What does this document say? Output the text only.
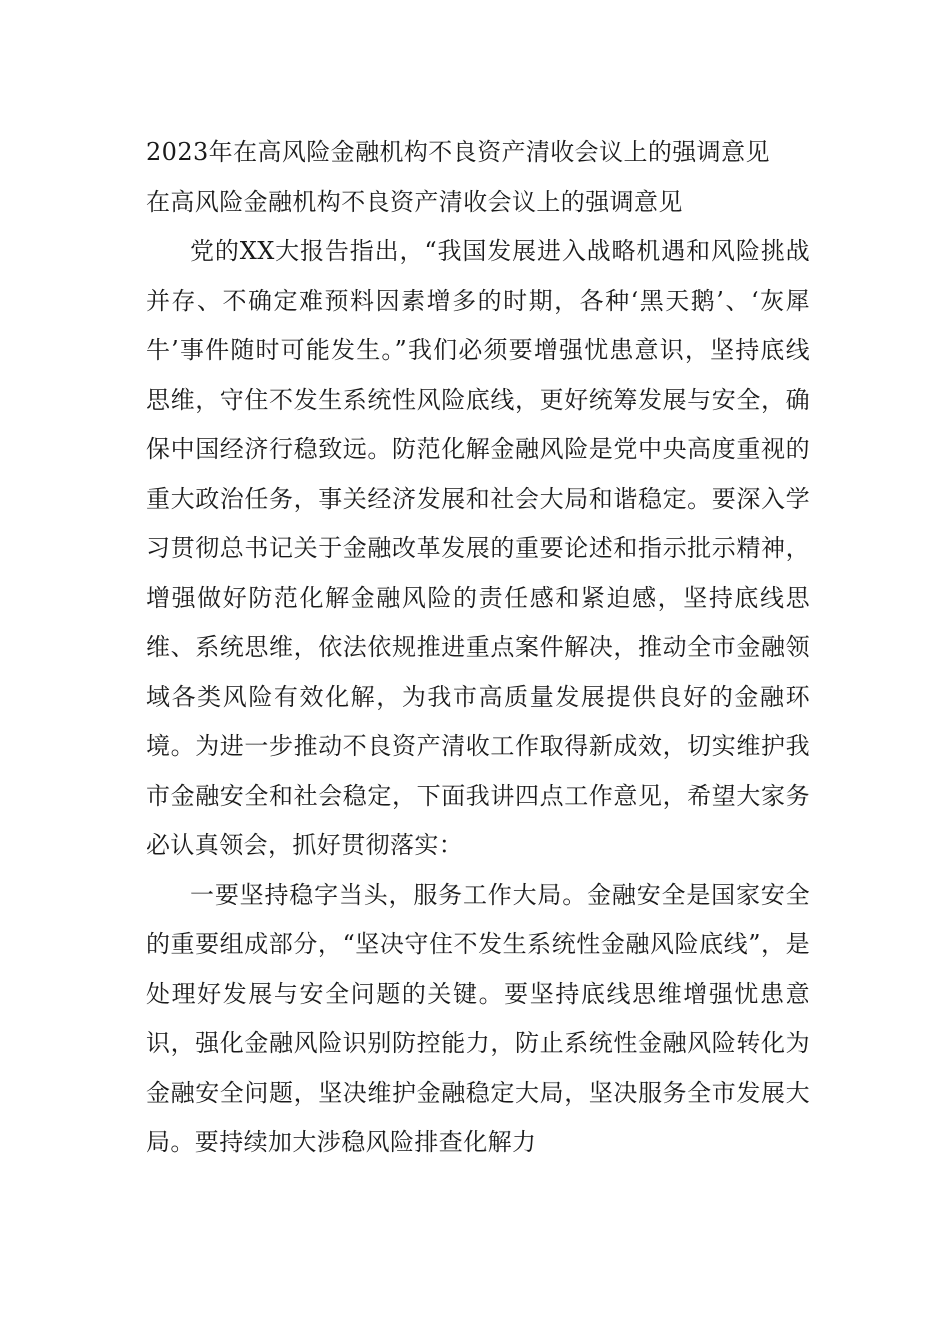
2023年在高风险金融机构不良资产清收会议上的强调意见

在高风险金融机构不良资产清收会议上的强调意见

党的XX大报告指出，“我国发展进入战略机遇和风险挑战并存、不确定难预料因素增多的时期，各种‘黑天鹅’、‘灰犀牛’事件随时可能发生。”我们必须要增强忧患意识，坚持底线思维，守住不发生系统性风险底线，更好统筹发展与安全，确保中国经济行稳致远。防范化解金融风险是党中央高度重视的重大政治任务，事关经济发展和社会大局和谐稳定。要深入学习贯彻总书记关于金融改革发展的重要论述和指示批示精神，增强做好防范化解金融风险的责任感和紧迫感，坚持底线思维、系统思维，依法依规推进重点案件解决，推动全市金融领域各类风险有效化解，为我市高质量发展提供良好的金融环境。为进一步推动不良资产清收工作取得新成效，切实维护我市金融安全和社会稳定，下面我讲四点工作意见，希望大家务必认真领会，抓好贯彻落实：

一要坚持稳字当头，服务工作大局。金融安全是国家安全的重要组成部分，“坚决守住不发生系统性金融风险底线”，是处理好发展与安全问题的关键。要坚持底线思维增强忧患意识，强化金融风险识别防控能力，防止系统性金融风险转化为金融安全问题，坚决维护金融稳定大局，坚决服务全市发展大局。要持续加大涉稳风险排查化解力
